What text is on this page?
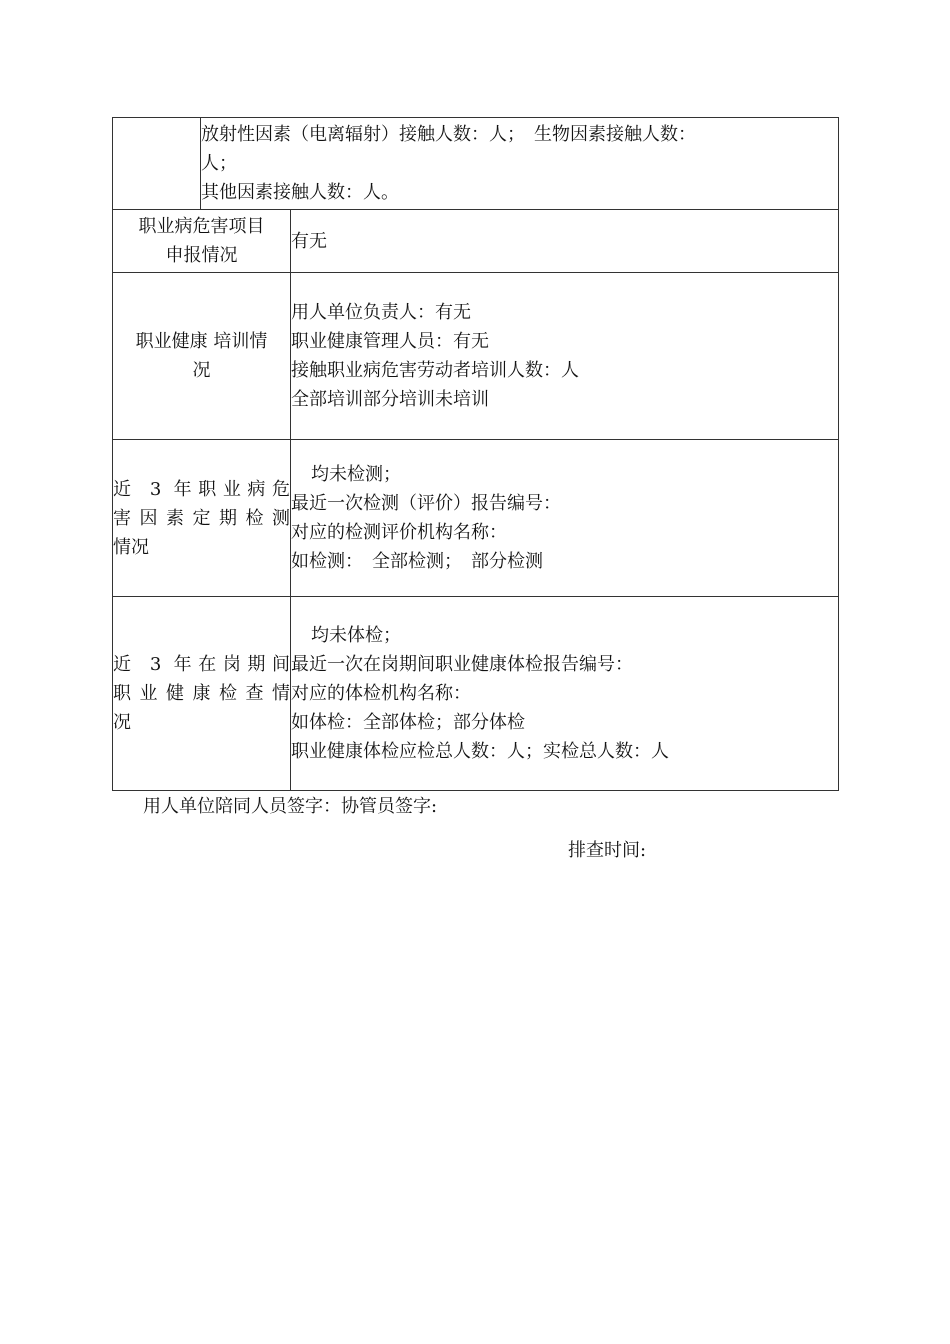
	放射性因素（电离辐射）接触人数：人；　生物因素接触人数：
人；
其他因素接触人数：人。	

职业病危害项目
申报情况		有无

职业健康 培训情
况		用人单位负责人：有无
职业健康管理人员：有无
接触职业病危害劳动者培训人数：人
全部培训部分培训未培训

近 3 年职业病危
害因素定期检测
情况		均未检测；
最近一次检测（评价）报告编号：
对应的检测评价机构名称：
如检测：　全部检测；　部分检测

近 3 年在岗期间
职业健康检查情
况		均未体检；
最近一次在岗期间职业健康体检报告编号：
对应的体检机构名称：
如体检：全部体检；部分体检
职业健康体检应检总人数：人；实检总人数：人
用人单位陪同人员签字：协管员签字:
排查时间:
